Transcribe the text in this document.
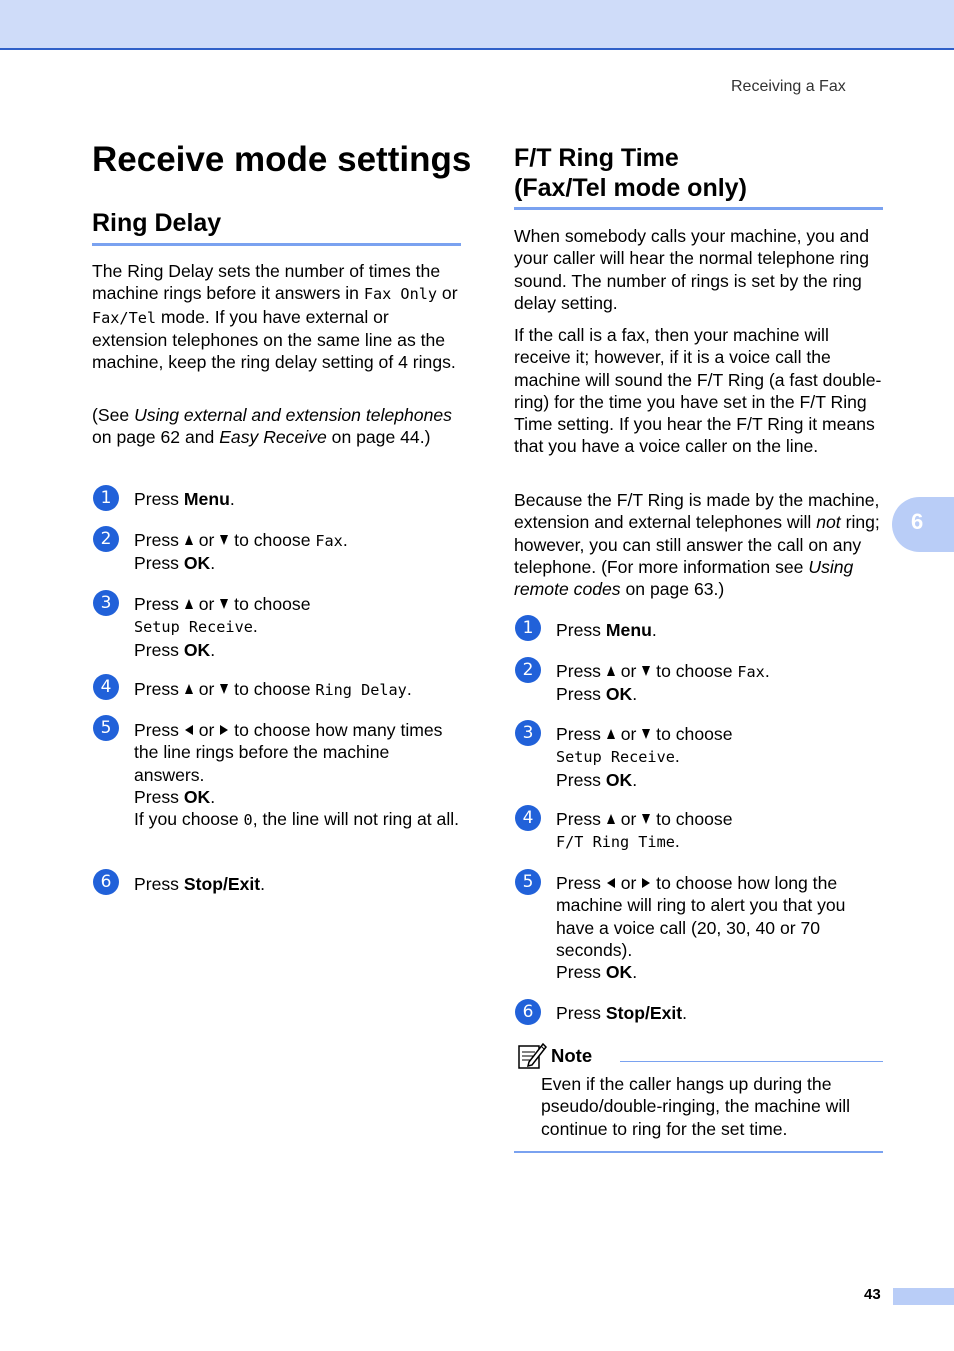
Receiving a Fax
6
Receive mode settings
Ring Delay
The Ring Delay sets the number of times the machine rings before it answers in Fax Only or Fax/Tel mode. If you have external or extension telephones on the same line as the machine, keep the ring delay setting of 4 rings.
(See Using external and extension telephones on page 62 and Easy Receive on page 44.)
1	Press Menu.
2	Press  or  to choose Fax.
Press OK.
3	Press  or  to choose
Setup Receive.
Press OK.
4	Press  or  to choose Ring Delay.
5	Press  or  to choose how many times the line rings before the machine answers.
Press OK.
If you choose 0, the line will not ring at all.
6	Press Stop/Exit.
F/T Ring Time
(Fax/Tel mode only)
When somebody calls your machine, you and your caller will hear the normal telephone ring sound. The number of rings is set by the ring delay setting.
If the call is a fax, then your machine will receive it; however, if it is a voice call the machine will sound the F/T Ring (a fast double-ring) for the time you have set in the F/T Ring Time setting. If you hear the F/T Ring it means that you have a voice caller on the line.
Because the F/T Ring is made by the machine, extension and external telephones will not ring; however, you can still answer the call on any telephone. (For more information see Using remote codes on page 63.)
1	Press Menu.
2	Press  or  to choose Fax.
Press OK.
3	Press  or  to choose
Setup Receive.
Press OK.
4	Press  or  to choose
F/T Ring Time.
5	Press  or  to choose how long the machine will ring to alert you that you have a voice call (20, 30, 40 or 70 seconds).
Press OK.
6	Press Stop/Exit.
Note
Even if the caller hangs up during the pseudo/double-ringing, the machine will continue to ring for the set time.
43
